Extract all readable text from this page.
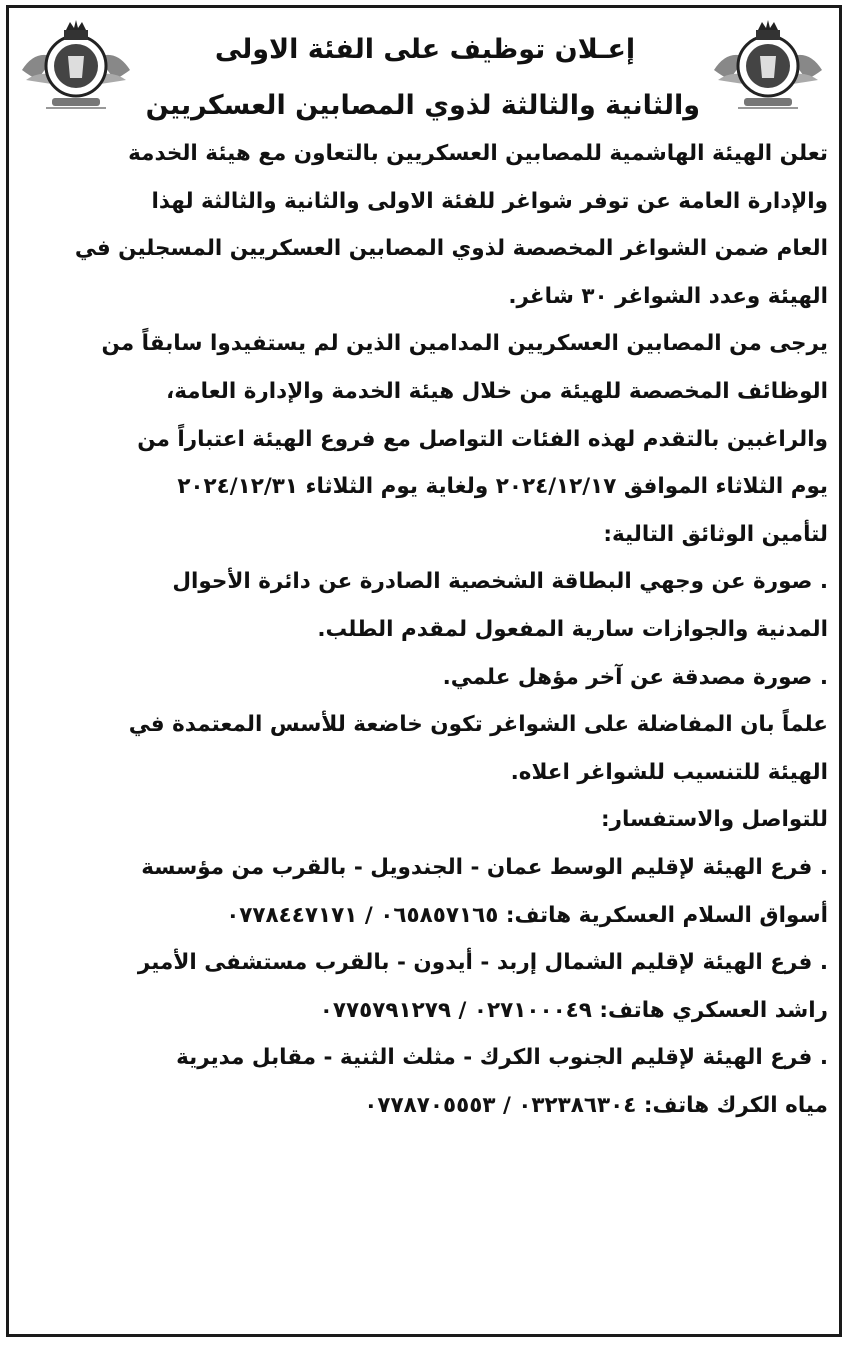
إعـلان توظيف على الفئة الاولى
والثانية والثالثة لذوي المصابين العسكريين
تعلن الهيئة الهاشمية للمصابين العسكريين بالتعاون مع هيئة الخدمة
والإدارة العامة عن توفر شواغر للفئة الاولى والثانية والثالثة لهذا
العام ضمن الشواغر المخصصة لذوي المصابين العسكريين المسجلين في
الهيئة وعدد الشواغر ٣٠ شاغر.
يرجى من المصابين العسكريين المدامين الذين لم يستفيدوا سابقاً من
الوظائف المخصصة للهيئة من خلال هيئة الخدمة والإدارة العامة،
والراغبين بالتقدم لهذه الفئات التواصل مع فروع الهيئة اعتباراً من
يوم الثلاثاء الموافق ٢٠٢٤/١٢/١٧ ولغاية يوم الثلاثاء ٢٠٢٤/١٢/٣١
لتأمين الوثائق التالية:
. صورة عن وجهي البطاقة الشخصية الصادرة عن دائرة الأحوال
المدنية والجوازات سارية المفعول لمقدم الطلب.
. صورة مصدقة عن آخر مؤهل علمي.
علماً بان المفاضلة على الشواغر تكون خاضعة للأسس المعتمدة في
الهيئة للتنسيب للشواغر اعلاه.
للتواصل والاستفسار:
. فرع الهيئة لإقليم الوسط عمان - الجندويل - بالقرب من مؤسسة
أسواق السلام العسكرية هاتف: ٠٦٥٨٥٧١٦٥ / ٠٧٧٨٤٤٧١٧١
. فرع الهيئة لإقليم الشمال إربد - أيدون - بالقرب مستشفى الأمير
راشد العسكري هاتف: ٠٢٧١٠٠٠٤٩ / ٠٧٧٥٧٩١٢٧٩
. فرع الهيئة لإقليم الجنوب الكرك - مثلث الثنية - مقابل مديرية
مياه الكرك هاتف: ٠٣٢٣٨٦٣٠٤ / ٠٧٧٨٧٠٥٥٥٣
